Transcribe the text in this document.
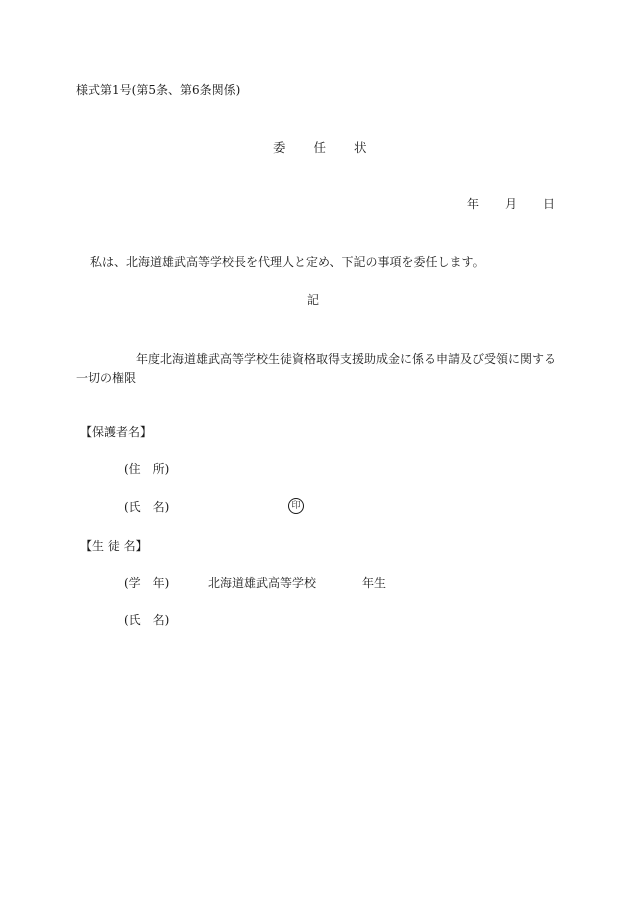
様式第1号(第5条、第6条関係)
委 任 状
年 月 日
私は、北海道雄武高等学校長を代理人と定め、下記の事項を委任します。
記
年度北海道雄武高等学校生徒資格取得支援助成金に係る申請及び受領に関する
一切の権限
【保護者名】
(住　所)
(氏　名)	印
【生 徒 名】
(学　年)	北海道雄武高等学校	年生
(氏　名)
